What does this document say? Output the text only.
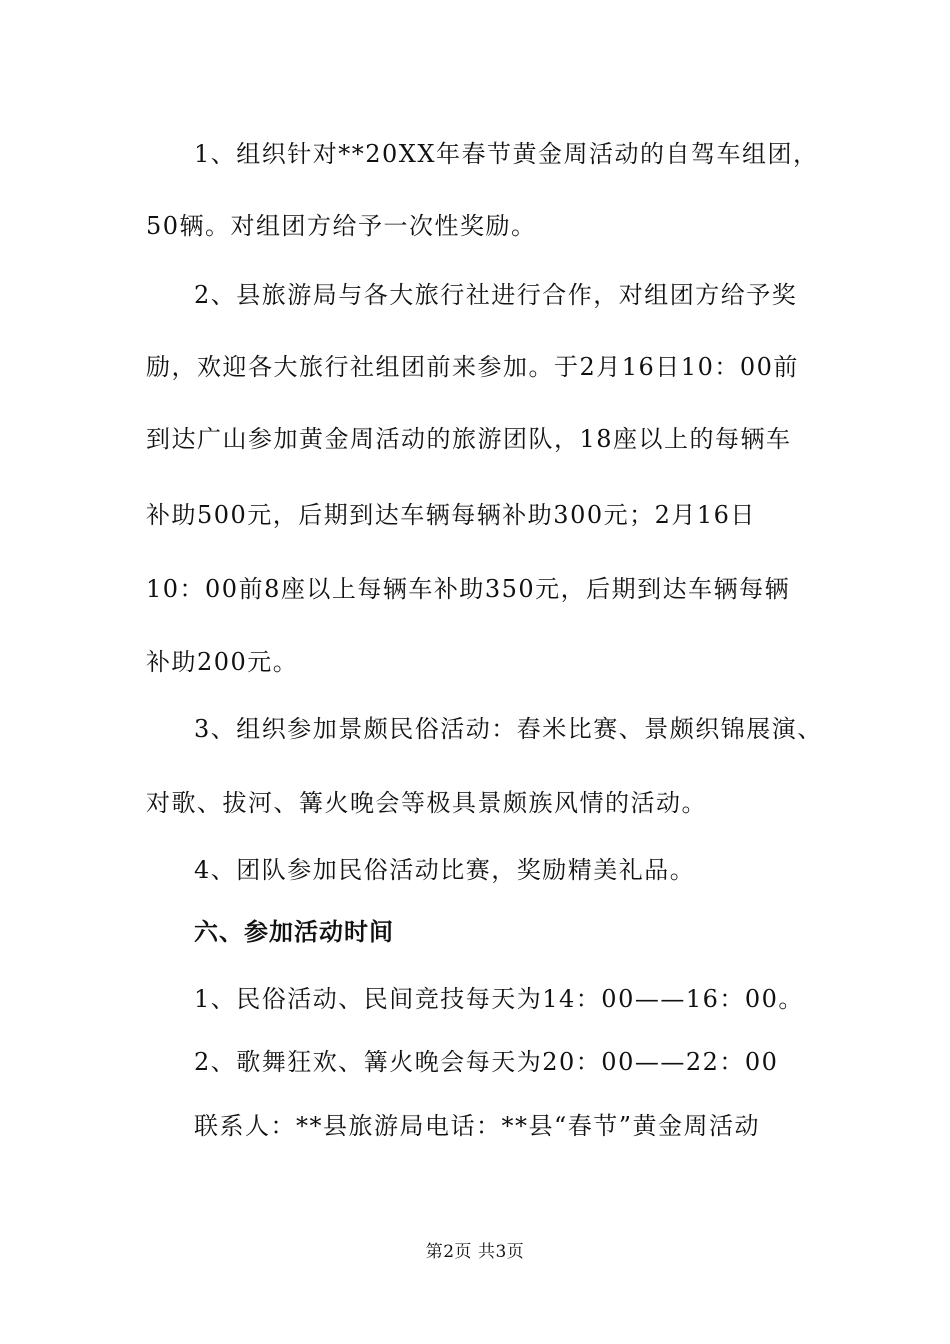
1、组织针对**20XX年春节黄金周活动的自驾车组团，
50辆。对组团方给予一次性奖励。
2、县旅游局与各大旅行社进行合作，对组团方给予奖
励，欢迎各大旅行社组团前来参加。于2月16日10：00前
到达广山参加黄金周活动的旅游团队，18座以上的每辆车
补助500元，后期到达车辆每辆补助300元；2月16日
10：00前8座以上每辆车补助350元，后期到达车辆每辆
补助200元。
3、组织参加景颇民俗活动：舂米比赛、景颇织锦展演、
对歌、拔河、篝火晚会等极具景颇族风情的活动。
4、团队参加民俗活动比赛，奖励精美礼品。
六、参加活动时间
1、民俗活动、民间竞技每天为14：00——16：00。
2、歌舞狂欢、篝火晚会每天为20：00——22：00
联系人：**县旅游局电话：**县“春节”黄金周活动
第2页 共3页
